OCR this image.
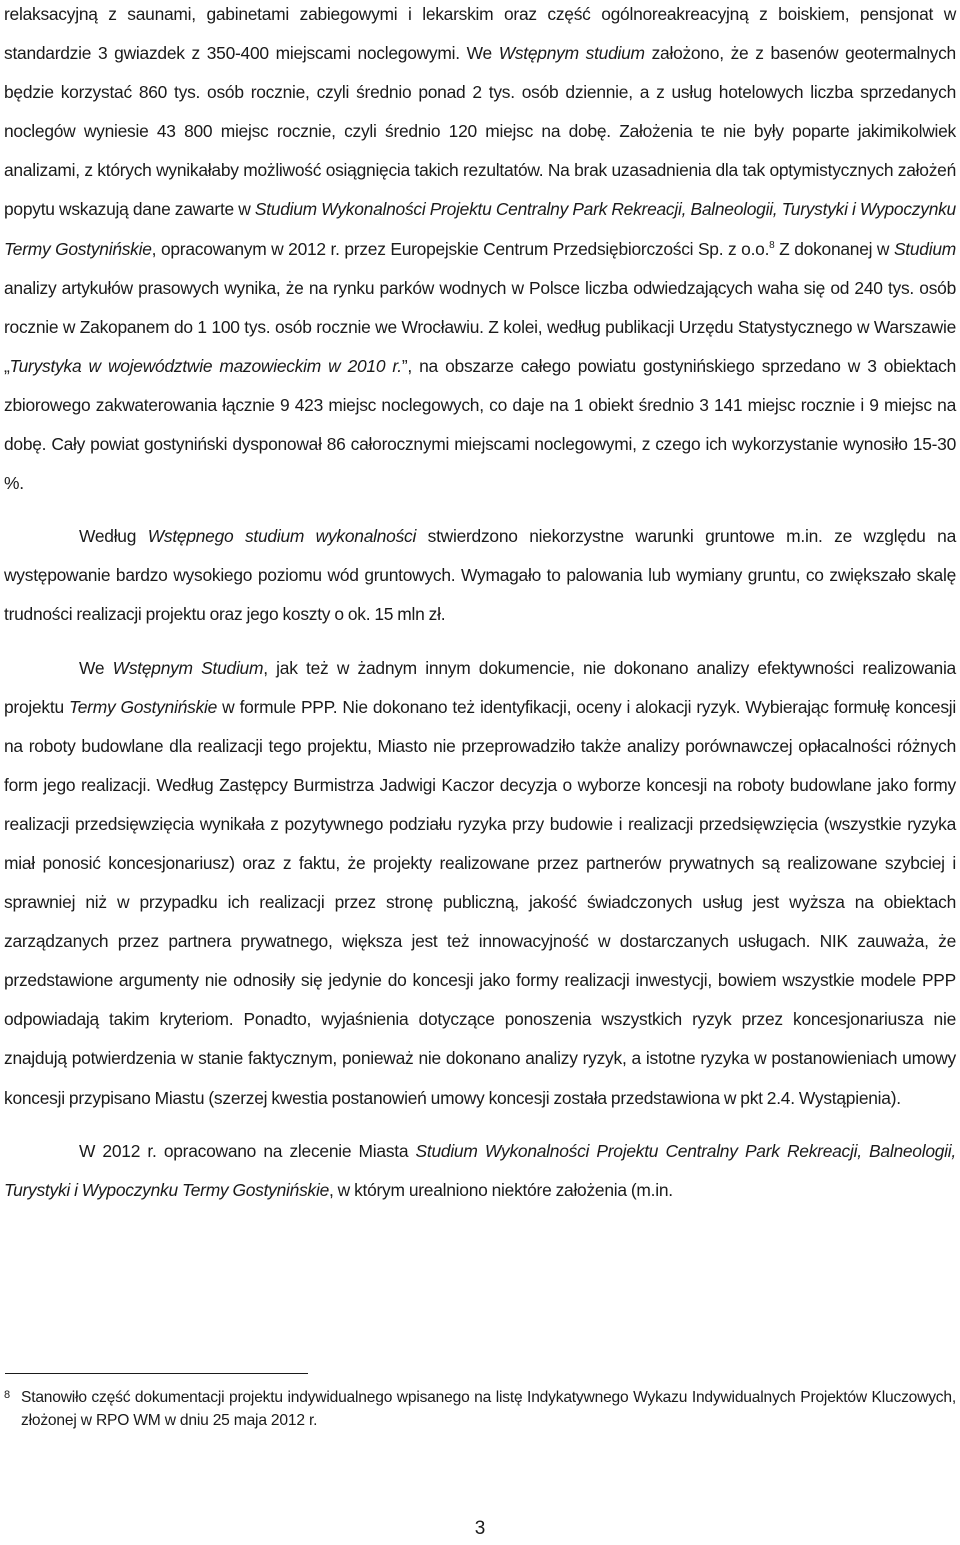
relaksacyjną z saunami, gabinetami zabiegowymi i lekarskim oraz część ogólnoreakreacyjną z boiskiem, pensjonat w standardzie 3 gwiazdek z 350-400 miejscami noclegowymi. We Wstępnym studium założono, że z basenów geotermalnych będzie korzystać 860 tys. osób rocznie, czyli średnio ponad 2 tys. osób dziennie, a z usług hotelowych liczba sprzedanych noclegów wyniesie 43 800 miejsc rocznie, czyli średnio 120 miejsc na dobę. Założenia te nie były poparte jakimikolwiek analizami, z których wynikałaby możliwość osiągnięcia takich rezultatów. Na brak uzasadnienia dla tak optymistycznych założeń popytu wskazują dane zawarte w Studium Wykonalności Projektu Centralny Park Rekreacji, Balneologii, Turystyki i Wypoczynku Termy Gostynińskie, opracowanym w 2012 r. przez Europejskie Centrum Przedsiębiorczości Sp. z o.o.$^8$ Z dokonanej w Studium analizy artykułów prasowych wynika, że na rynku parków wodnych w Polsce liczba odwiedzających waha się od 240 tys. osób rocznie w Zakopanem do 1 100 tys. osób rocznie we Wrocławiu. Z kolei, według publikacji Urzędu Statystycznego w Warszawie „Turystyka w województwie mazowieckim w 2010 r.”, na obszarze całego powiatu gostynińskiego sprzedano w 3 obiektach zbiorowego zakwaterowania łącznie 9 423 miejsc noclegowych, co daje na 1 obiekt średnio 3 141 miejsc rocznie i 9 miejsc na dobę. Cały powiat gostyniński dysponował 86 całorocznymi miejscami noclegowymi, z czego ich wykorzystanie wynosiło 15-30 %.

Według Wstępnego studium wykonalności stwierdzono niekorzystne warunki gruntowe m.in. ze względu na występowanie bardzo wysokiego poziomu wód gruntowych. Wymagało to palowania lub wymiany gruntu, co zwiększało skalę trudności realizacji projektu oraz jego koszty o ok. 15 mln zł.

We Wstępnym Studium, jak też w żadnym innym dokumencie, nie dokonano analizy efektywności realizowania projektu Termy Gostynińskie w formule PPP. Nie dokonano też identyfikacji, oceny i alokacji ryzyk. Wybierając formułę koncesji na roboty budowlane dla realizacji tego projektu, Miasto nie przeprowadziło także analizy porównawczej opłacalności różnych form jego realizacji. Według Zastępcy Burmistrza Jadwigi Kaczor decyzja o wyborze koncesji na roboty budowlane jako formy realizacji przedsięwzięcia wynikała z pozytywnego podziału ryzyka przy budowie i realizacji przedsięwzięcia (wszystkie ryzyka miał ponosić koncesjonariusz) oraz z faktu, że projekty realizowane przez partnerów prywatnych są realizowane szybciej i sprawniej niż w przypadku ich realizacji przez stronę publiczną, jakość świadczonych usług jest wyższa na obiektach zarządzanych przez partnera prywatnego, większa jest też innowacyjność w dostarczanych usługach. NIK zauważa, że przedstawione argumenty nie odnosiły się jedynie do koncesji jako formy realizacji inwestycji, bowiem wszystkie modele PPP odpowiadają takim kryteriom. Ponadto, wyjaśnienia dotyczące ponoszenia wszystkich ryzyk przez koncesjonariusza nie znajdują potwierdzenia w stanie faktycznym, ponieważ nie dokonano analizy ryzyk, a istotne ryzyka w postanowieniach umowy koncesji przypisano Miastu (szerzej kwestia postanowień umowy koncesji została przedstawiona w pkt 2.4. Wystąpienia).

W 2012 r. opracowano na zlecenie Miasta Studium Wykonalności Projektu Centralny Park Rekreacji, Balneologii, Turystyki i Wypoczynku Termy Gostynińskie, w którym urealniono niektóre założenia (m.in.

8 Stanowiło część dokumentacji projektu indywidualnego wpisanego na listę Indykatywnego Wykazu Indywidualnych Projektów Kluczowych, złożonej w RPO WM w dniu 25 maja 2012 r.

3
